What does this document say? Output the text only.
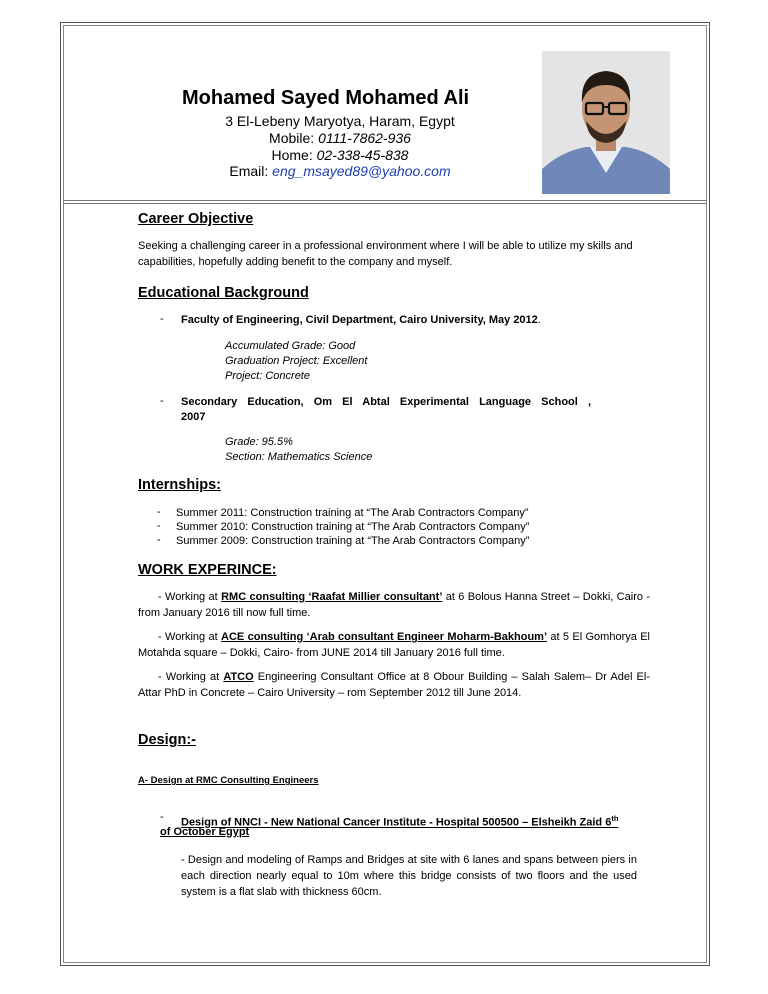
Mohamed Sayed Mohamed Ali
3 El-Lebeny Maryotya, Haram, Egypt
Mobile: 0111-7862-936
Home: 02-338-45-838
Email: eng_msayed89@yahoo.com
Career Objective
Seeking a challenging career in a professional environment where I will be able to utilize my skills and capabilities, hopefully adding benefit to the company and myself.
Educational Background
- Faculty of Engineering, Civil Department, Cairo University, May 2012.
Accumulated Grade: Good
Graduation Project: Excellent
Project: Concrete
- Secondary Education, Om El Abtal Experimental Language School ,
2007
Grade: 95.5%
Section: Mathematics Science
Internships:
- Summer 2011: Construction training at “The Arab Contractors Company”
- Summer 2010: Construction training at “The Arab Contractors Company”
- Summer 2009: Construction training at “The Arab Contractors Company”
WORK EXPERINCE:
- Working at RMC consulting ‘Raafat Millier consultant’ at 6 Bolous Hanna Street – Dokki, Cairo - from January 2016 till now full time.
- Working at ACE consulting ‘Arab consultant Engineer Moharm-Bakhoum’ at 5 El Gomhorya El Motahda square – Dokki, Cairo- from JUNE 2014 till January 2016 full time.
- Working at ATCO Engineering Consultant Office at 8 Obour Building – Salah Salem– Dr Adel El-Attar PhD in Concrete – Cairo University – rom September 2012 till June 2014.
Design:-
A- Design at RMC Consulting Engineers
- Design of NNCI - New National Cancer Institute - Hospital 500500 – Elsheikh Zaid 6th
of October Egypt
- Design and modeling of Ramps and Bridges at site with 6 lanes and spans between piers in each direction nearly equal to 10m where this bridge consists of two floors and the used system is a flat slab with thickness 60cm.
